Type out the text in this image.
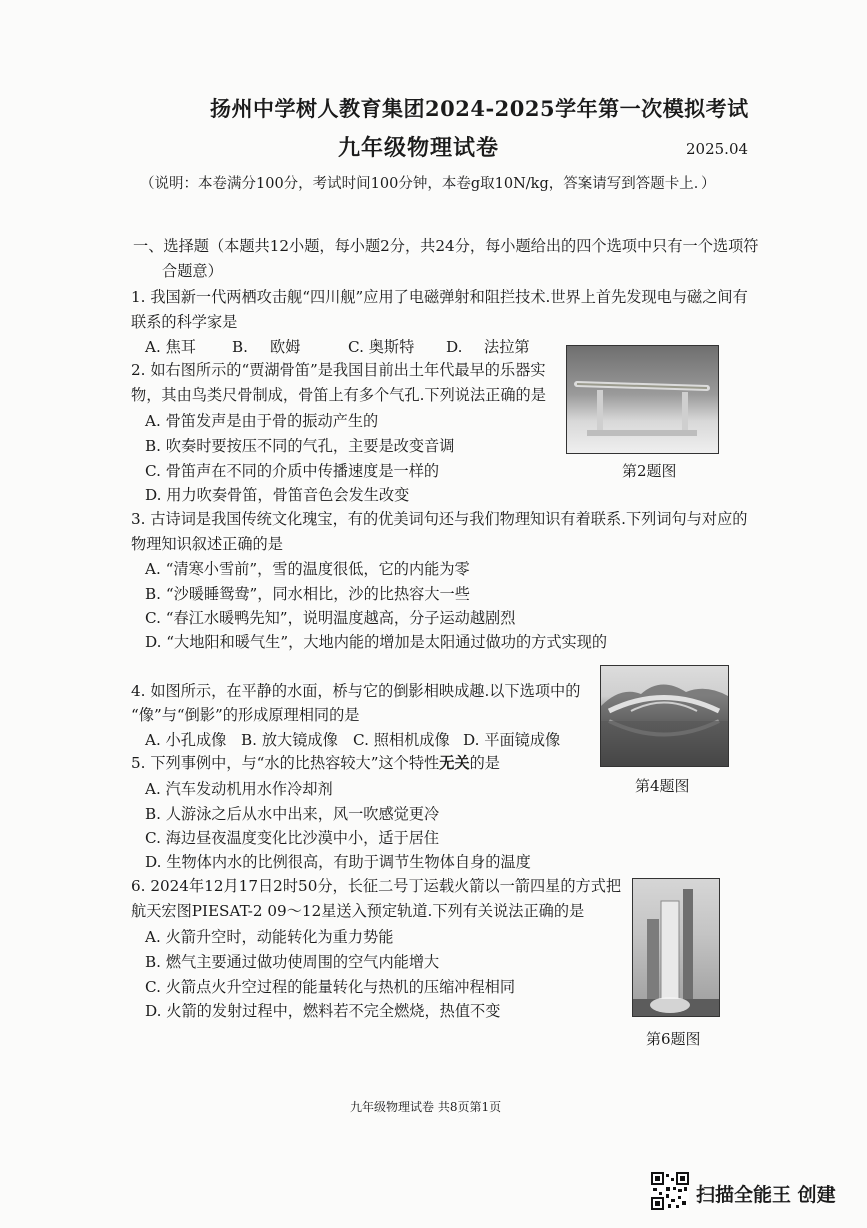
扬州中学树人教育集团2024-2025学年第一次模拟考试
九年级物理试卷	2025.04
（说明：本卷满分100分，考试时间100分钟，本卷g取10N/kg，答案请写到答题卡上．）
一、选择题（本题共12小题，每小题2分，共24分，每小题给出的四个选项中只有一个选项符
合题意）
1. 我国新一代两栖攻击舰“四川舰”应用了电磁弹射和阻拦技术.世界上首先发现电与磁之间有
联系的科学家是
A. 焦耳 B. 欧姆	C. 奥斯特 D. 法拉第
2. 如右图所示的“贾湖骨笛”是我国目前出土年代最早的乐器实
物，其由鸟类尺骨制成，骨笛上有多个气孔.下列说法正确的是
A. 骨笛发声是由于骨的振动产生的
B. 吹奏时要按压不同的气孔，主要是改变音调
C. 骨笛声在不同的介质中传播速度是一样的
D. 用力吹奏骨笛，骨笛音色会发生改变
第2题图
3. 古诗词是我国传统文化瑰宝，有的优美词句还与我们物理知识有着联系.下列词句与对应的
物理知识叙述正确的是
A. “清寒小雪前”，雪的温度很低，它的内能为零
B. “沙暖睡鸳鸯”，同水相比，沙的比热容大一些
C. “春江水暖鸭先知”，说明温度越高，分子运动越剧烈
D. “大地阳和暖气生”，大地内能的增加是太阳通过做功的方式实现的
4. 如图所示，在平静的水面，桥与它的倒影相映成趣.以下选项中的
“像”与“倒影”的形成原理相同的是
A. 小孔成像 B. 放大镜成像 C. 照相机成像 D. 平面镜成像
第4题图
5. 下列事例中，与“水的比热容较大”这个特性无关的是
A. 汽车发动机用水作冷却剂
B. 人游泳之后从水中出来，风一吹感觉更冷
C. 海边昼夜温度变化比沙漠中小，适于居住
D. 生物体内水的比例很高，有助于调节生物体自身的温度
6. 2024年12月17日2时50分，长征二号丁运载火箭以一箭四星的方式把
航天宏图PIESAT-2 09～12星送入预定轨道.下列有关说法正确的是
A. 火箭升空时，动能转化为重力势能
B. 燃气主要通过做功使周围的空气内能增大
C. 火箭点火升空过程的能量转化与热机的压缩冲程相同
D. 火箭的发射过程中，燃料若不完全燃烧，热值不变
第6题图
九年级物理试卷 共8页第1页
扫描全能王 创建
